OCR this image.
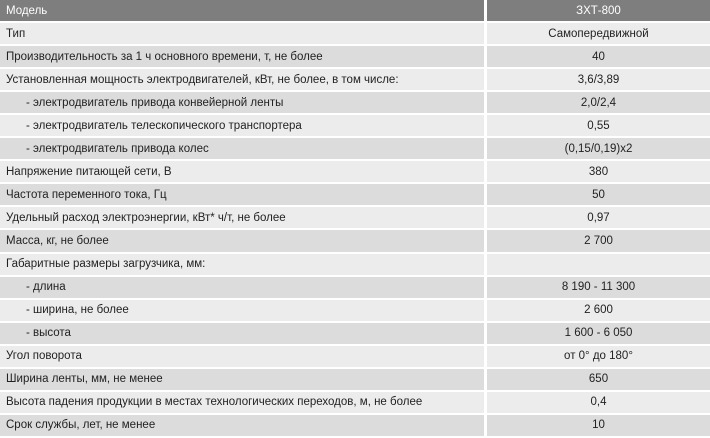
Модель	ЗХТ-800
Тип	Самопередвижной
Производительность за 1 ч основного времени, т, не более	40
Установленная мощность электродвигателей, кВт, не более, в том числе:	3,6/3,89
- электродвигатель привода конвейерной ленты	2,0/2,4
- электродвигатель телескопического транспортера	0,55
- электродвигатель привода колес	(0,15/0,19)x2
Напряжение питающей сети, В	380
Частота переменного тока, Гц	50
Удельный расход электроэнергии, кВт* ч/т, не более	0,97
Масса, кг, не более	2 700
Габаритные размеры загрузчика, мм:	
- длина	8 190 - 11 300
- ширина, не более	2 600
- высота	1 600 - 6 050
Угол поворота	от 0° до 180°
Ширина ленты, мм, не менее	650
Высота падения продукции в местах технологических переходов, м, не более	0,4
Срок службы, лет, не менее	10
